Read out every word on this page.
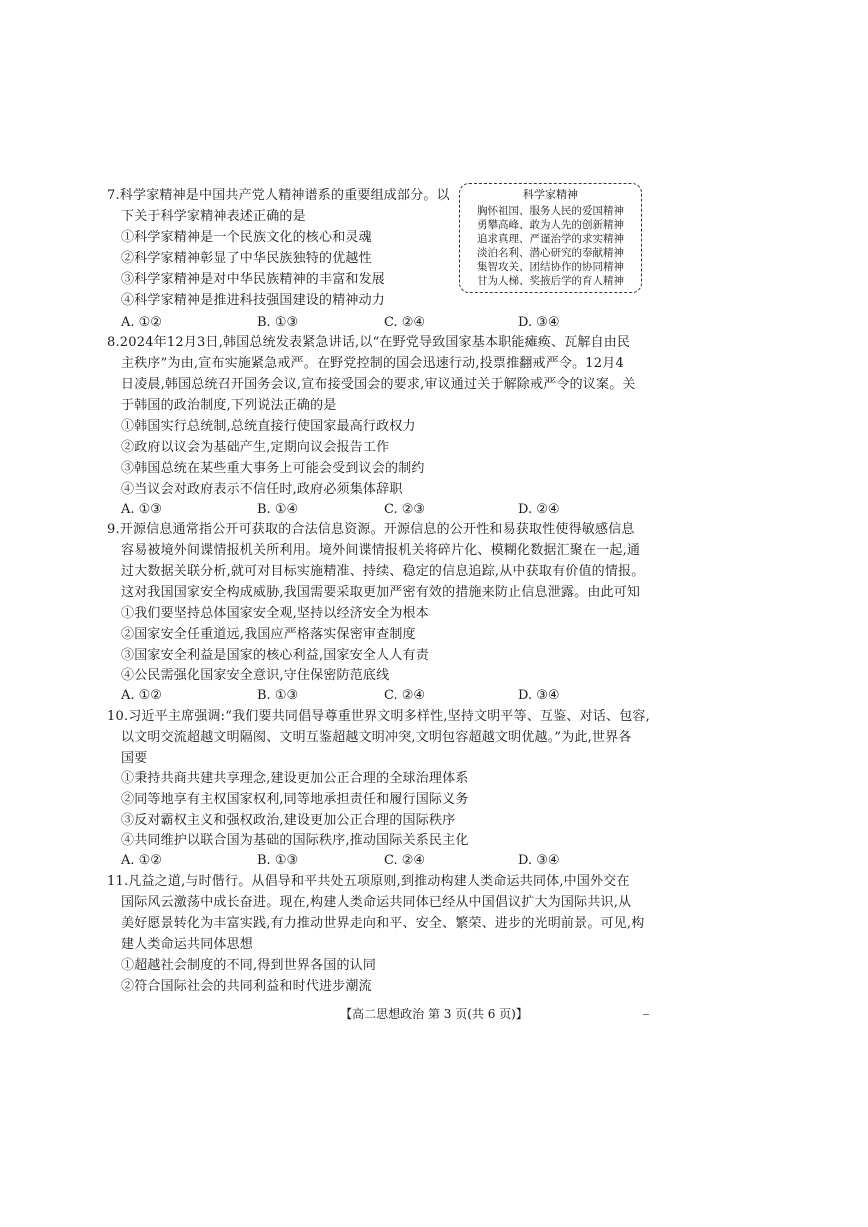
7.科学家精神是中国共产党人精神谱系的重要组成部分。以
下关于科学家精神表述正确的是
①科学家精神是一个民族文化的核心和灵魂
②科学家精神彰显了中华民族独特的优越性
③科学家精神是对中华民族精神的丰富和发展
④科学家精神是推进科技强国建设的精神动力
A. ①②	B. ①③	C. ②④	D. ③④
科学家精神
胸怀祖国、服务人民的爱国精神
勇攀高峰、敢为人先的创新精神
追求真理、严谨治学的求实精神
淡泊名利、潜心研究的奉献精神
集智攻关、团结协作的协同精神
甘为人梯、奖掖后学的育人精神
8.2024年12月3日,韩国总统发表紧急讲话,以“在野党导致国家基本职能瘫痪、瓦解自由民
主秩序”为由,宣布实施紧急戒严。在野党控制的国会迅速行动,投票推翻戒严令。12月4
日凌晨,韩国总统召开国务会议,宣布接受国会的要求,审议通过关于解除戒严令的议案。关
于韩国的政治制度,下列说法正确的是
①韩国实行总统制,总统直接行使国家最高行政权力
②政府以议会为基础产生,定期向议会报告工作
③韩国总统在某些重大事务上可能会受到议会的制约
④当议会对政府表示不信任时,政府必须集体辞职
A. ①③	B. ①④	C. ②③	D. ②④
9.开源信息通常指公开可获取的合法信息资源。开源信息的公开性和易获取性使得敏感信息
容易被境外间谍情报机关所利用。境外间谍情报机关将碎片化、模糊化数据汇聚在一起,通
过大数据关联分析,就可对目标实施精准、持续、稳定的信息追踪,从中获取有价值的情报。
这对我国国家安全构成威胁,我国需要采取更加严密有效的措施来防止信息泄露。由此可知
①我们要坚持总体国家安全观,坚持以经济安全为根本
②国家安全任重道远,我国应严格落实保密审查制度
③国家安全利益是国家的核心利益,国家安全人人有责
④公民需强化国家安全意识,守住保密防范底线
A. ①②	B. ①③	C. ②④	D. ③④
10.习近平主席强调:“我们要共同倡导尊重世界文明多样性,坚持文明平等、互鉴、对话、包容,
以文明交流超越文明隔阂、文明互鉴超越文明冲突,文明包容超越文明优越。”为此,世界各
国要
①秉持共商共建共享理念,建设更加公正合理的全球治理体系
②同等地享有主权国家权利,同等地承担责任和履行国际义务
③反对霸权主义和强权政治,建设更加公正合理的国际秩序
④共同维护以联合国为基础的国际秩序,推动国际关系民主化
A. ①②	B. ①③	C. ②④	D. ③④
11.凡益之道,与时偕行。从倡导和平共处五项原则,到推动构建人类命运共同体,中国外交在
国际风云激荡中成长奋进。现在,构建人类命运共同体已经从中国倡议扩大为国际共识,从
美好愿景转化为丰富实践,有力推动世界走向和平、安全、繁荣、进步的光明前景。可见,构
建人类命运共同体思想
①超越社会制度的不同,得到世界各国的认同
②符合国际社会的共同利益和时代进步潮流
【高二思想政治 第 3 页(共 6 页)】
